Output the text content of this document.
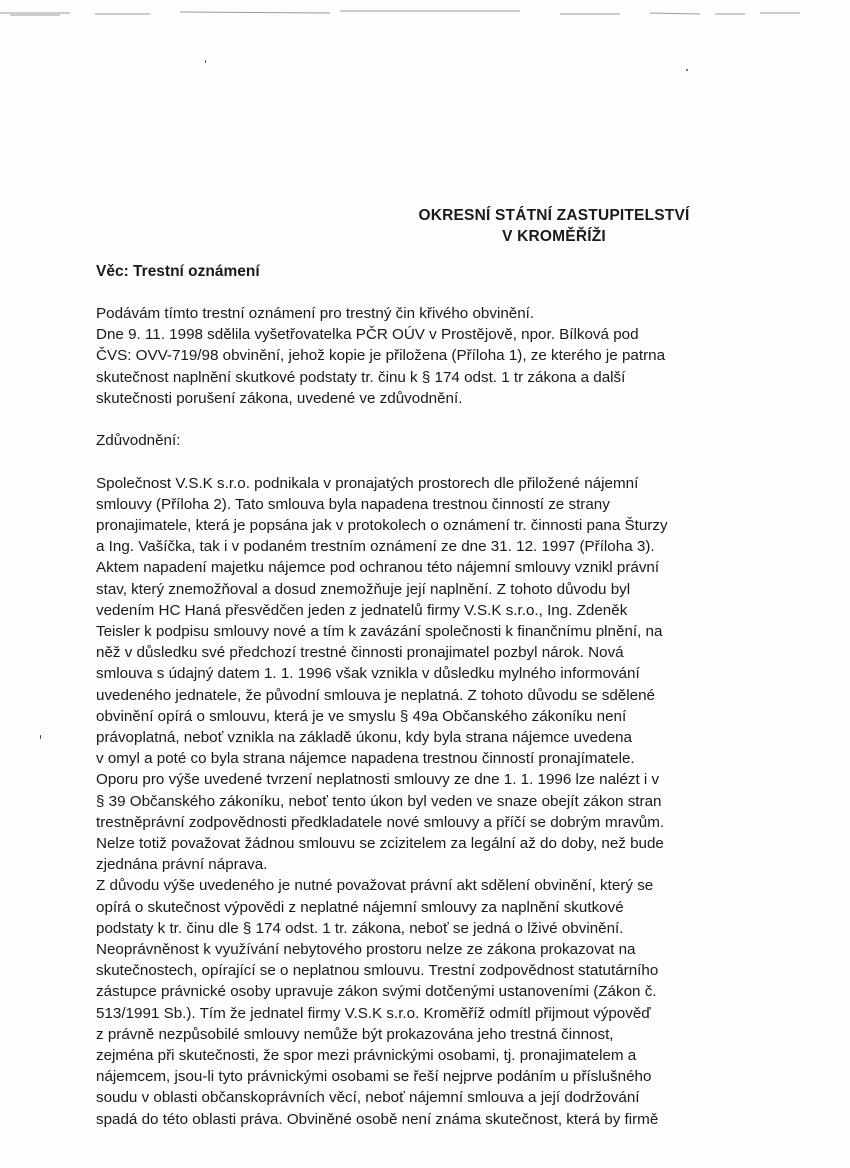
OKRESNÍ STÁTNÍ ZASTUPITELSTVÍ
V KROMĚŘÍŽI
Věc: Trestní oznámení
Podávám tímto trestní oznámení pro trestný čin křivého obvinění.
Dne 9. 11. 1998 sdělila vyšetřovatelka PČR OÚV v Prostějově, npor. Bílková pod
ČVS: OVV-719/98 obvinění, jehož kopie je přiložena (Příloha 1), ze kterého je patrna
skutečnost naplnění skutkové podstaty tr. činu k § 174 odst. 1 tr zákona a další
skutečnosti porušení zákona, uvedené ve zdůvodnění.
Zdůvodnění:
Společnost V.S.K s.r.o. podnikala v pronajatých prostorech dle přiložené nájemní
smlouvy (Příloha 2). Tato smlouva byla napadena trestnou činností ze strany
pronajimatele, která je popsána jak v protokolech o oznámení tr. činnosti pana Šturzy
a Ing. Vašíčka, tak i v podaném trestním oznámení ze dne 31. 12. 1997 (Příloha 3).
Aktem napadení majetku nájemce pod ochranou této nájemní smlouvy vznikl právní
stav, který znemožňoval a dosud znemožňuje její naplnění. Z tohoto důvodu byl
vedením HC Haná přesvědčen jeden z jednatelů firmy V.S.K s.r.o., Ing. Zdeněk
Teisler k podpisu smlouvy nové a tím k zavázání společnosti k finančnímu plnění, na
něž v důsledku své předchozí trestné činnosti pronajimatel pozbyl nárok. Nová
smlouva s údajný datem 1. 1. 1996 však vznikla v důsledku mylného informování
uvedeného jednatele, že původní smlouva je neplatná. Z tohoto důvodu se sdělené
obvinění opírá o smlouvu, která je ve smyslu § 49a Občanského zákoníku není
právoplatná, neboť vznikla na základě úkonu, kdy byla strana nájemce uvedena
v omyl a poté co byla strana nájemce napadena trestnou činností pronajímatele.
Oporu pro výše uvedené tvrzení neplatnosti smlouvy ze dne 1. 1. 1996 lze nalézt i v
§ 39 Občanského zákoníku, neboť tento úkon byl veden ve snaze obejít zákon stran
trestněprávní zodpovědnosti předkladatele nové smlouvy a příčí se dobrým mravům.
Nelze totiž považovat žádnou smlouvu se zcizitelem za legální až do doby, než bude
zjednána právní náprava.
Z důvodu výše uvedeného je nutné považovat právní akt sdělení obvinění, který se
opírá o skutečnost výpovědi z neplatné nájemní smlouvy za naplnění skutkové
podstaty k tr. činu dle § 174 odst. 1 tr. zákona, neboť se jedná o lživé obvinění.
Neoprávněnost k využívání nebytového prostoru nelze ze zákona prokazovat na
skutečnostech, opírající se o neplatnou smlouvu. Trestní zodpovědnost statutárního
zástupce právnické osoby upravuje zákon svými dotčenými ustanoveními (Zákon č.
513/1991 Sb.). Tím že jednatel firmy V.S.K s.r.o. Kroměříž odmítl přijmout výpověď
z právně nezpůsobilé smlouvy nemůže být prokazována jeho trestná činnost,
zejména při skutečnosti, že spor mezi právnickými osobami, tj. pronajimatelem a
nájemcem, jsou-li tyto právnickými osobami se řeší nejprve podáním u příslušného
soudu v oblasti občanskoprávních věcí, neboť nájemní smlouva a její dodržování
spadá do této oblasti práva. Obviněné osobě není známa skutečnost, která by firmě
